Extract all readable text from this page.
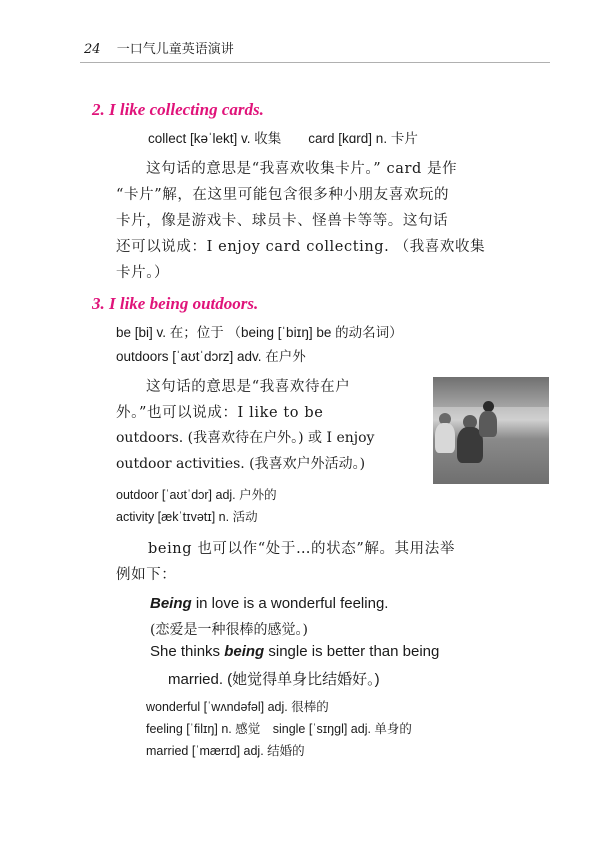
24 一口气儿童英语演讲
2. I like collecting cards.
collect [kəˈlekt] v. 收集　　card [kɑrd] n. 卡片
这句话的意思是“我喜欢收集卡片。” card 是作
“卡片”解，在这里可能包含很多种小朋友喜欢玩的
卡片，像是游戏卡、球员卡、怪兽卡等等。这句话
还可以说成：I enjoy card collecting. （我喜欢收集
卡片。）
3. I like being outdoors.
be [bi] v. 在；位于 （being [ˈbiɪŋ] be 的动名词）
outdoors [ˈaʊtˈdɔrz] adv. 在户外
这句话的意思是“我喜欢待在户
外。”也可以说成：I like to be
outdoors. (我喜欢待在户外。) 或 I enjoy
outdoor activities. (我喜欢户外活动。)
outdoor [ˈaʊtˈdɔr] adj. 户外的
activity [ækˈtɪvətɪ] n. 活动
being 也可以作“处于…的状态”解。其用法举
例如下：
Being in love is a wonderful feeling.
(恋爱是一种很棒的感觉。)
She thinks being single is better than being
married. (她觉得单身比结婚好。)
wonderful [ˈwʌndəfəl] adj. 很棒的
feeling [ˈfilɪŋ] n. 感觉　single [ˈsɪŋgl] adj. 单身的
married [ˈmærɪd] adj. 结婚的
